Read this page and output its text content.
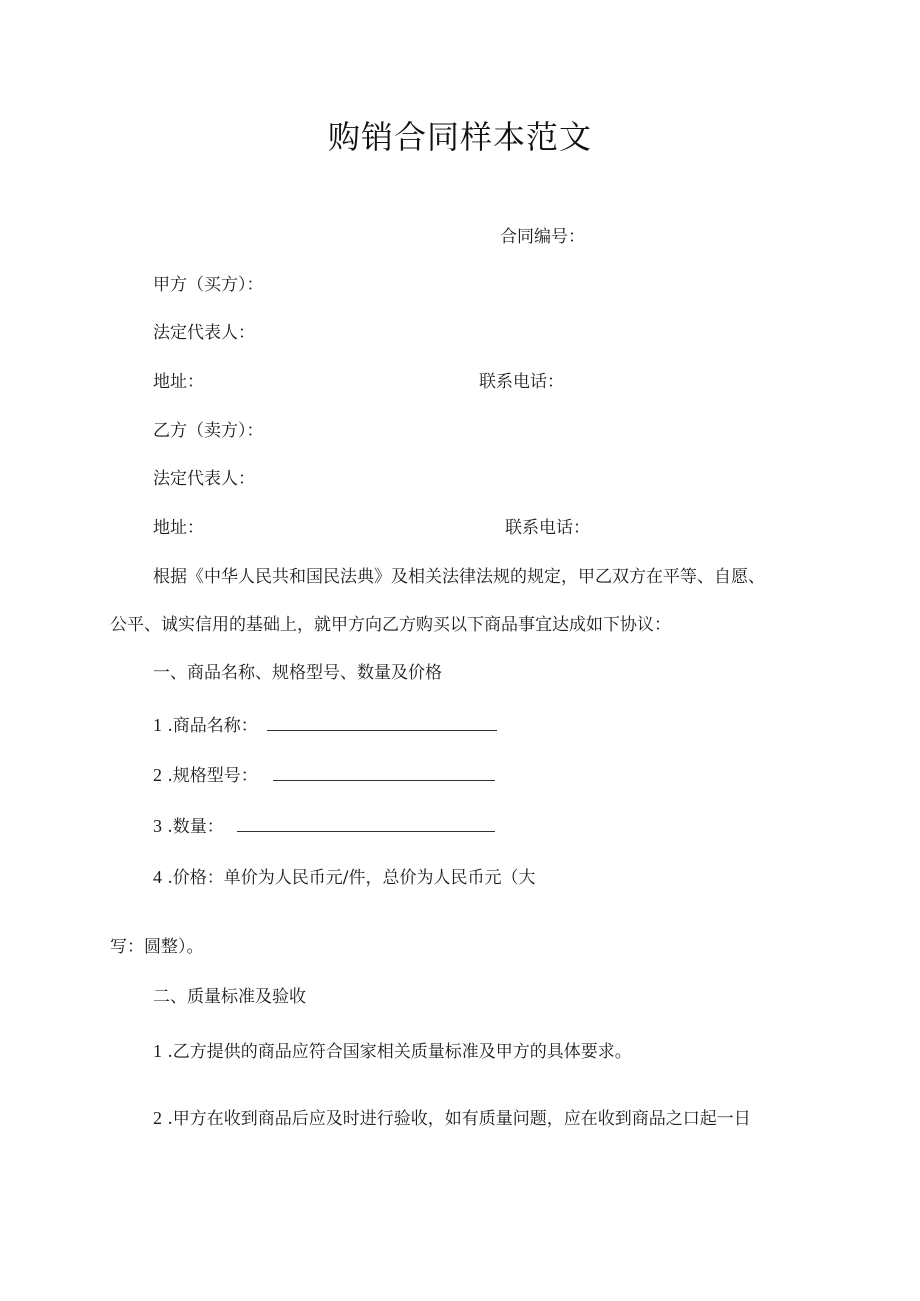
购销合同样本范文
合同编号：
甲方（买方）：
法定代表人：
地址：	联系电话：
乙方（卖方）：
法定代表人：
地址：	联系电话：
根据《中华人民共和国民法典》及相关法律法规的规定，甲乙双方在平等、自愿、
公平、诚实信用的基础上，就甲方向乙方购买以下商品事宜达成如下协议：
一、商品名称、规格型号、数量及价格
1 .商品名称：
2 .规格型号：
3 .数量：
4 .价格：单价为人民币元/件，总价为人民币元（大
写：圆整）。
二、质量标准及验收
1 .乙方提供的商品应符合国家相关质量标准及甲方的具体要求。
2 .甲方在收到商品后应及时进行验收，如有质量问题，应在收到商品之口起一日
